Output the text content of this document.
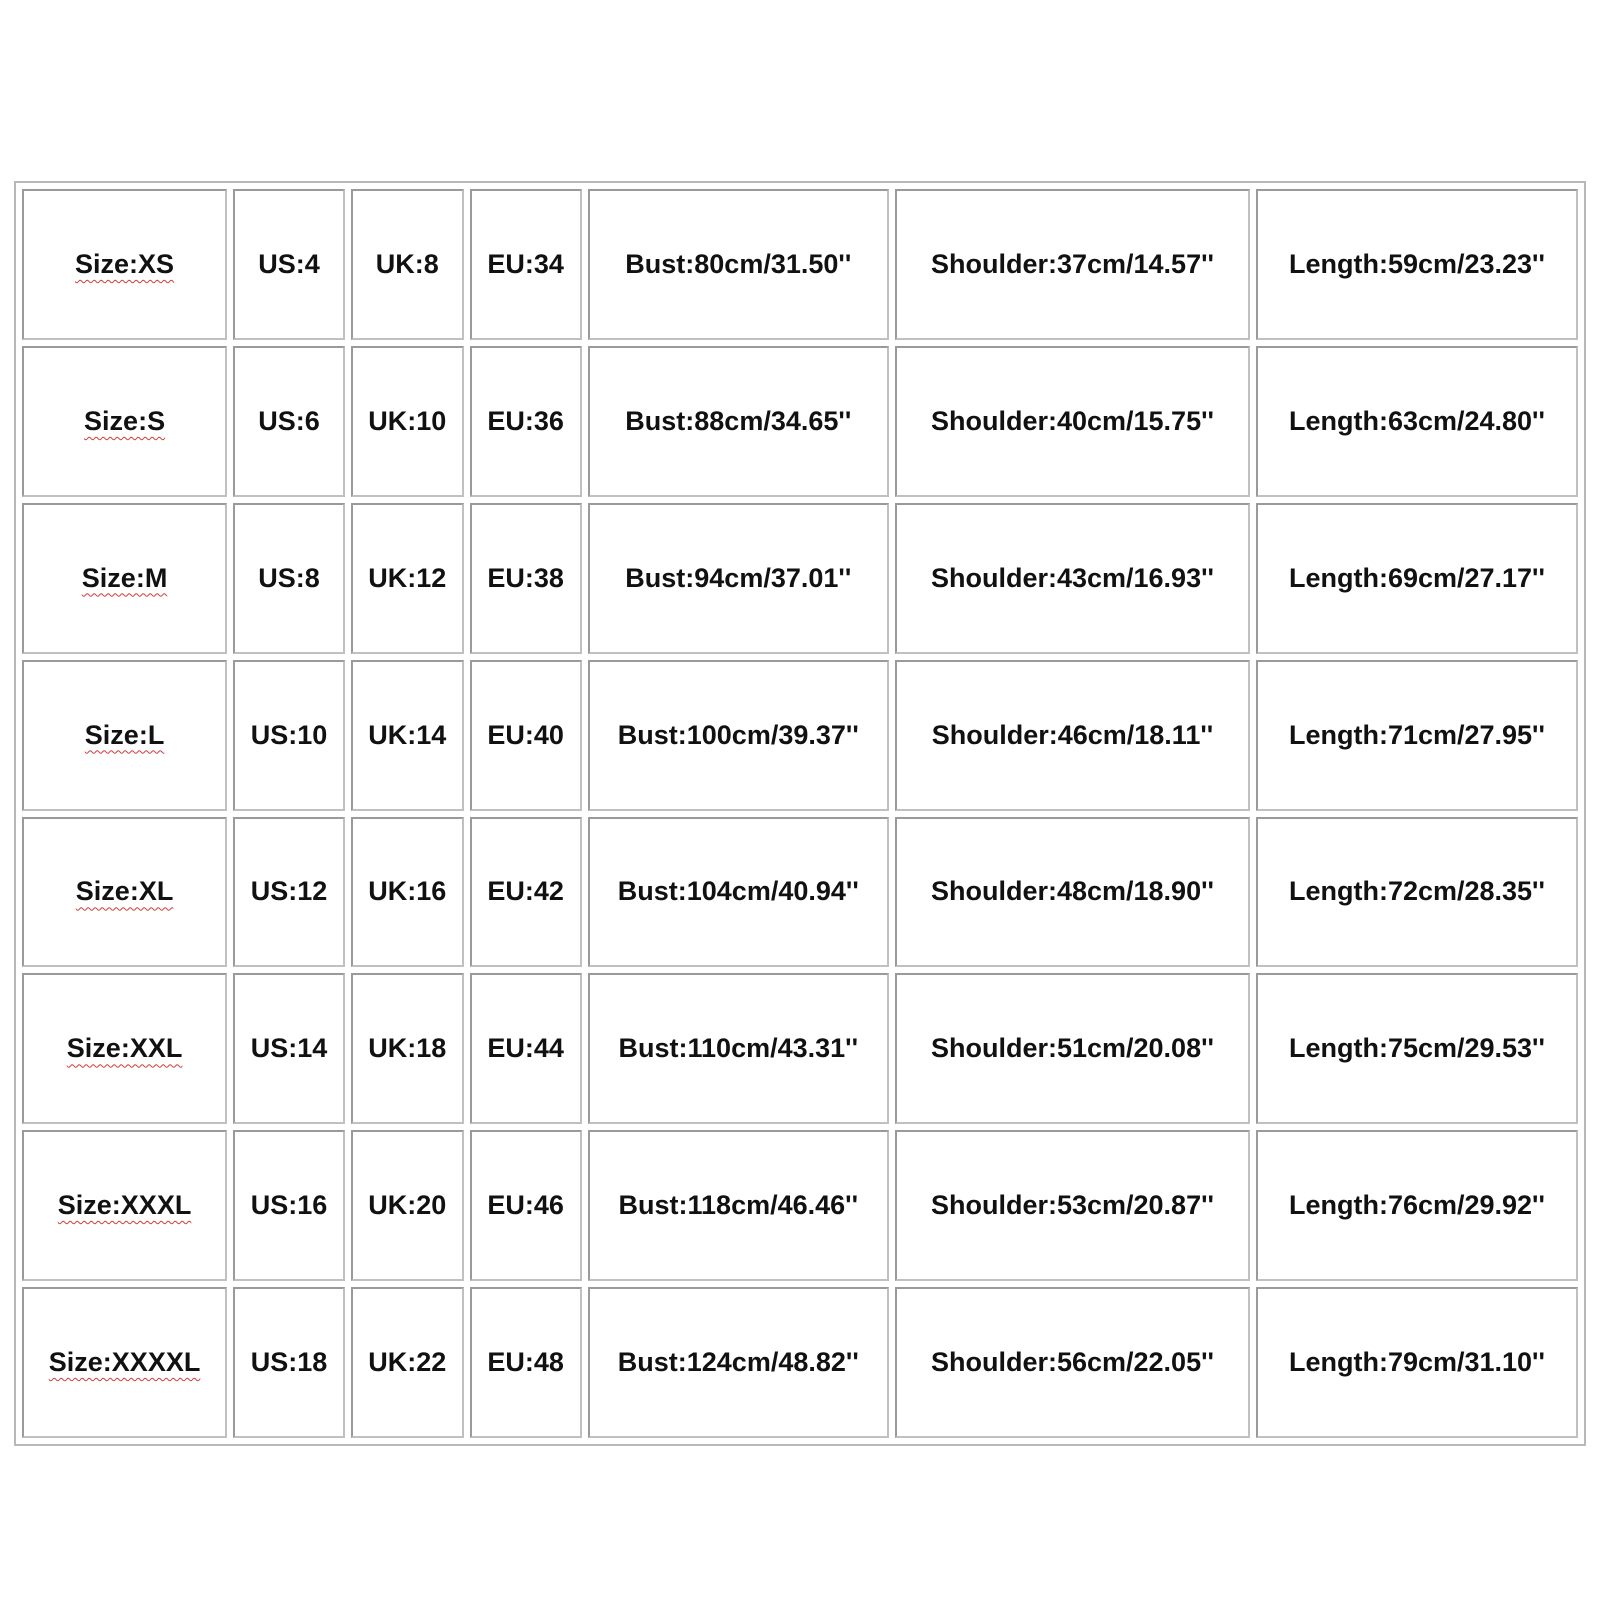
Size:XS	US:4	UK:8	EU:34	Bust:80cm/31.50''	Shoulder:37cm/14.57''	Length:59cm/23.23''
Size:S	US:6	UK:10	EU:36	Bust:88cm/34.65''	Shoulder:40cm/15.75''	Length:63cm/24.80''
Size:M	US:8	UK:12	EU:38	Bust:94cm/37.01''	Shoulder:43cm/16.93''	Length:69cm/27.17''
Size:L	US:10	UK:14	EU:40	Bust:100cm/39.37''	Shoulder:46cm/18.11''	Length:71cm/27.95''
Size:XL	US:12	UK:16	EU:42	Bust:104cm/40.94''	Shoulder:48cm/18.90''	Length:72cm/28.35''
Size:XXL	US:14	UK:18	EU:44	Bust:110cm/43.31''	Shoulder:51cm/20.08''	Length:75cm/29.53''
Size:XXXL	US:16	UK:20	EU:46	Bust:118cm/46.46''	Shoulder:53cm/20.87''	Length:76cm/29.92''
Size:XXXXL	US:18	UK:22	EU:48	Bust:124cm/48.82''	Shoulder:56cm/22.05''	Length:79cm/31.10''
